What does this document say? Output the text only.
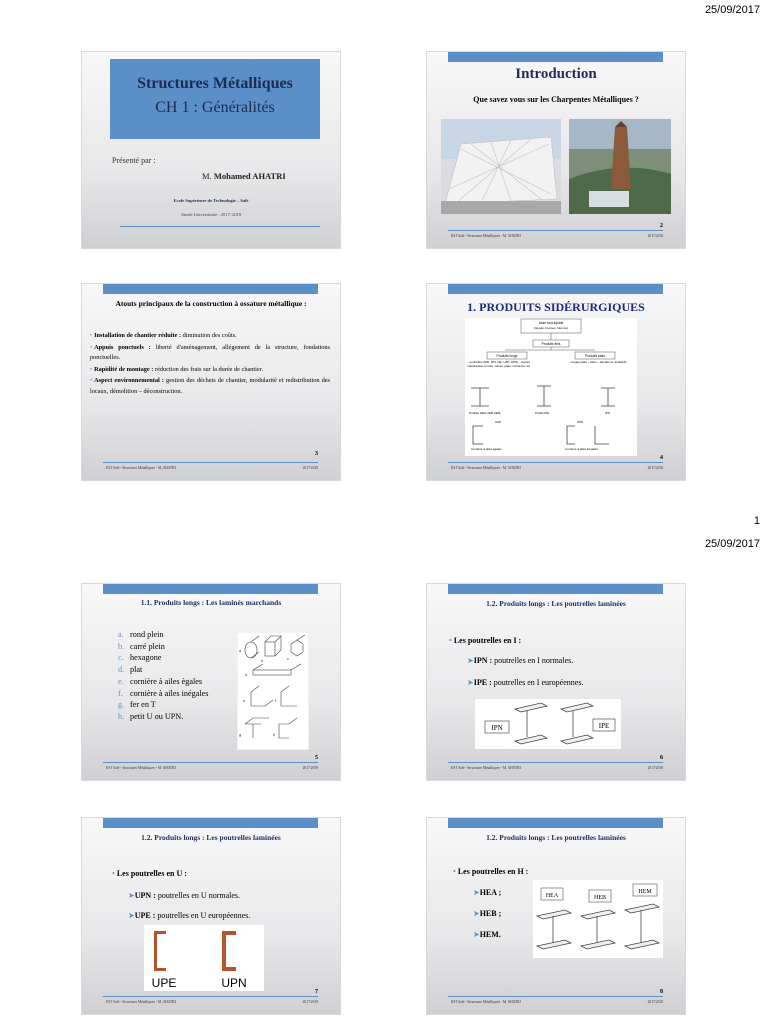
25/09/2017
1
25/09/2017
Structures Métalliques
CH 1 : Généralités
Présenté par :
M. Mohamed AHATRI
Ecole Supérieure de Technologie – Salé
Année Universitaire : 2017/ 2018
Introduction
Que savez vous sur les Charpentes Métalliques ?
2
EST Salé - Structures Métalliques - M. AHATRI	2017/2018
Atouts principaux de la construction à ossature métallique :
• Installation de chantier réduite : diminution des coûts.
• Appuis ponctuels : liberté d'aménagement, allégement de la structure, fondations ponctuelles.
• Rapidité de montage : réduction des frais sur la durée de chantier.
• Aspect environnemental : gestion des déchets de chantier, modularité et redistribution des locaux, démolition – déconstruction.
3
EST Salé - Structures Métalliques - M. AHATRI	2017/2018
1. PRODUITS SIDÉRURGIQUES
Acier brut liquide
(lingots, brames, blooms)
Produits finis
Produits longs	Produits plats
– poutrelles (IPE, IPN, HE, UAP, UPN) – barres marchandes (ronds, carrés, plats, cornières, té)
– larges plats – tôles – bandes en feuillards
Profilés HEA HEB HEM	Profilé IPE	IPN
UAP	UPN
Cornière à ailes égales	Cornière à ailes inégales
4
EST Salé - Structures Métalliques - M. AHATRI	2017/2018
1.1. Produits longs : Les laminés marchands
a. rond plein
b. carré plein
c. hexagone
d. plat
e. cornière à ailes ègales
f. cornière à ailes inégales
g. fer en T
h. petit U ou UPN.
a
b	c
d
e	f
g	h
5
EST Salé - Structures Métalliques - M. AHATRI	2017/2018
1.2. Produits longs : Les poutrelles laminées
• Les poutrelles en I :
➤IPN : poutrelles en I normales.
➤IPE : poutrelles en I européennes.
IPN	IPE
6
EST Salé - Structures Métalliques - M. AHATRI	2017/2018
1.2. Produits longs : Les poutrelles laminées
• Les poutrelles en U :
➤UPN : poutrelles en U normales.
➤UPE : poutrelles en U européennes.
UPE	UPN
7
EST Salé - Structures Métalliques - M. AHATRI	2017/2018
1.2. Produits longs : Les poutrelles laminées
• Les poutrelles en H :
➤HEA ;
➤HEB ;
➤HEM.
HEA	HEB
HEM
8
EST Salé - Structures Métalliques - M. AHATRI	2017/2018
